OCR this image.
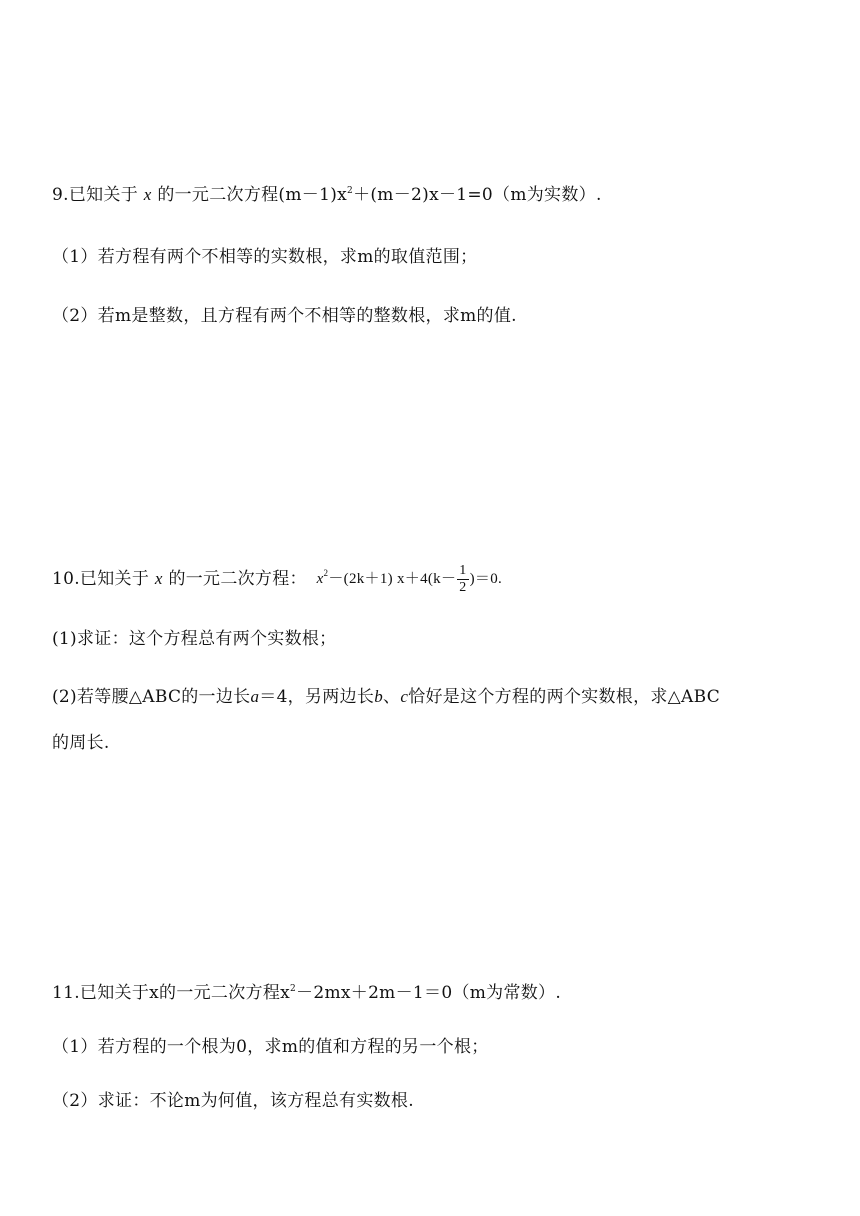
9.已知关于 x 的一元二次方程$(m-1)x^2+(m-2)x-1=0(m$为实数）.
（1）若方程有两个不相等的实数根，求m的取值范围；
（2）若m是整数，且方程有两个不相等的整数根，求m的值.
10.已知关于 x 的一元二次方程： $x^2-(2k+1)$ $x+4(k- \frac{1}{2} )=0$.
(1)求证：这个方程总有两个实数根；
(2)若等腰△ABC的一边长a＝4，另两边长b、c恰好是这个方程的两个实数根，求△ABC
的周长.
11.已知关于x的一元二次方程$x^2-2mx+2m-1=0(m$为常数）.
（1）若方程的一个根为0，求m的值和方程的另一个根；
（2）求证：不论m为何值，该方程总有实数根.
